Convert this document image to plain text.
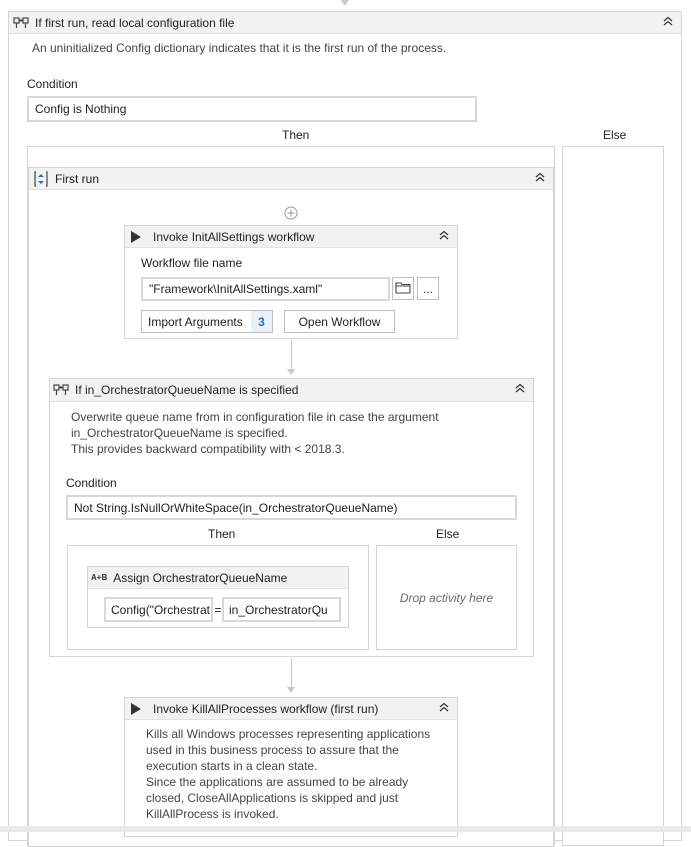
If first run, read local configuration file
An uninitialized Config dictionary indicates that it is the first run of the process.
Condition
Config is Nothing
Then	Else
First run
Invoke InitAllSettings workflow
Workflow file name
"Framework\InitAllSettings.xaml"	...
Import Arguments	3	Open Workflow
If in_OrchestratorQueueName is specified
Overwrite queue name from in configuration file in case the argument
in_OrchestratorQueueName is specified.
This provides backward compatibility with < 2018.3.
Condition
Not String.IsNullOrWhiteSpace(in_OrchestratorQueueName)
Then	Else
Drop activity here
A+B Assign OrchestratorQueueName
Config("Orchestrat = in_OrchestratorQu
Invoke KillAllProcesses workflow (first run)
Kills all Windows processes representing applications
used in this business process to assure that the
execution starts in a clean state.
Since the applications are assumed to be already
closed, CloseAllApplications is skipped and just
KillAllProcess is invoked.
